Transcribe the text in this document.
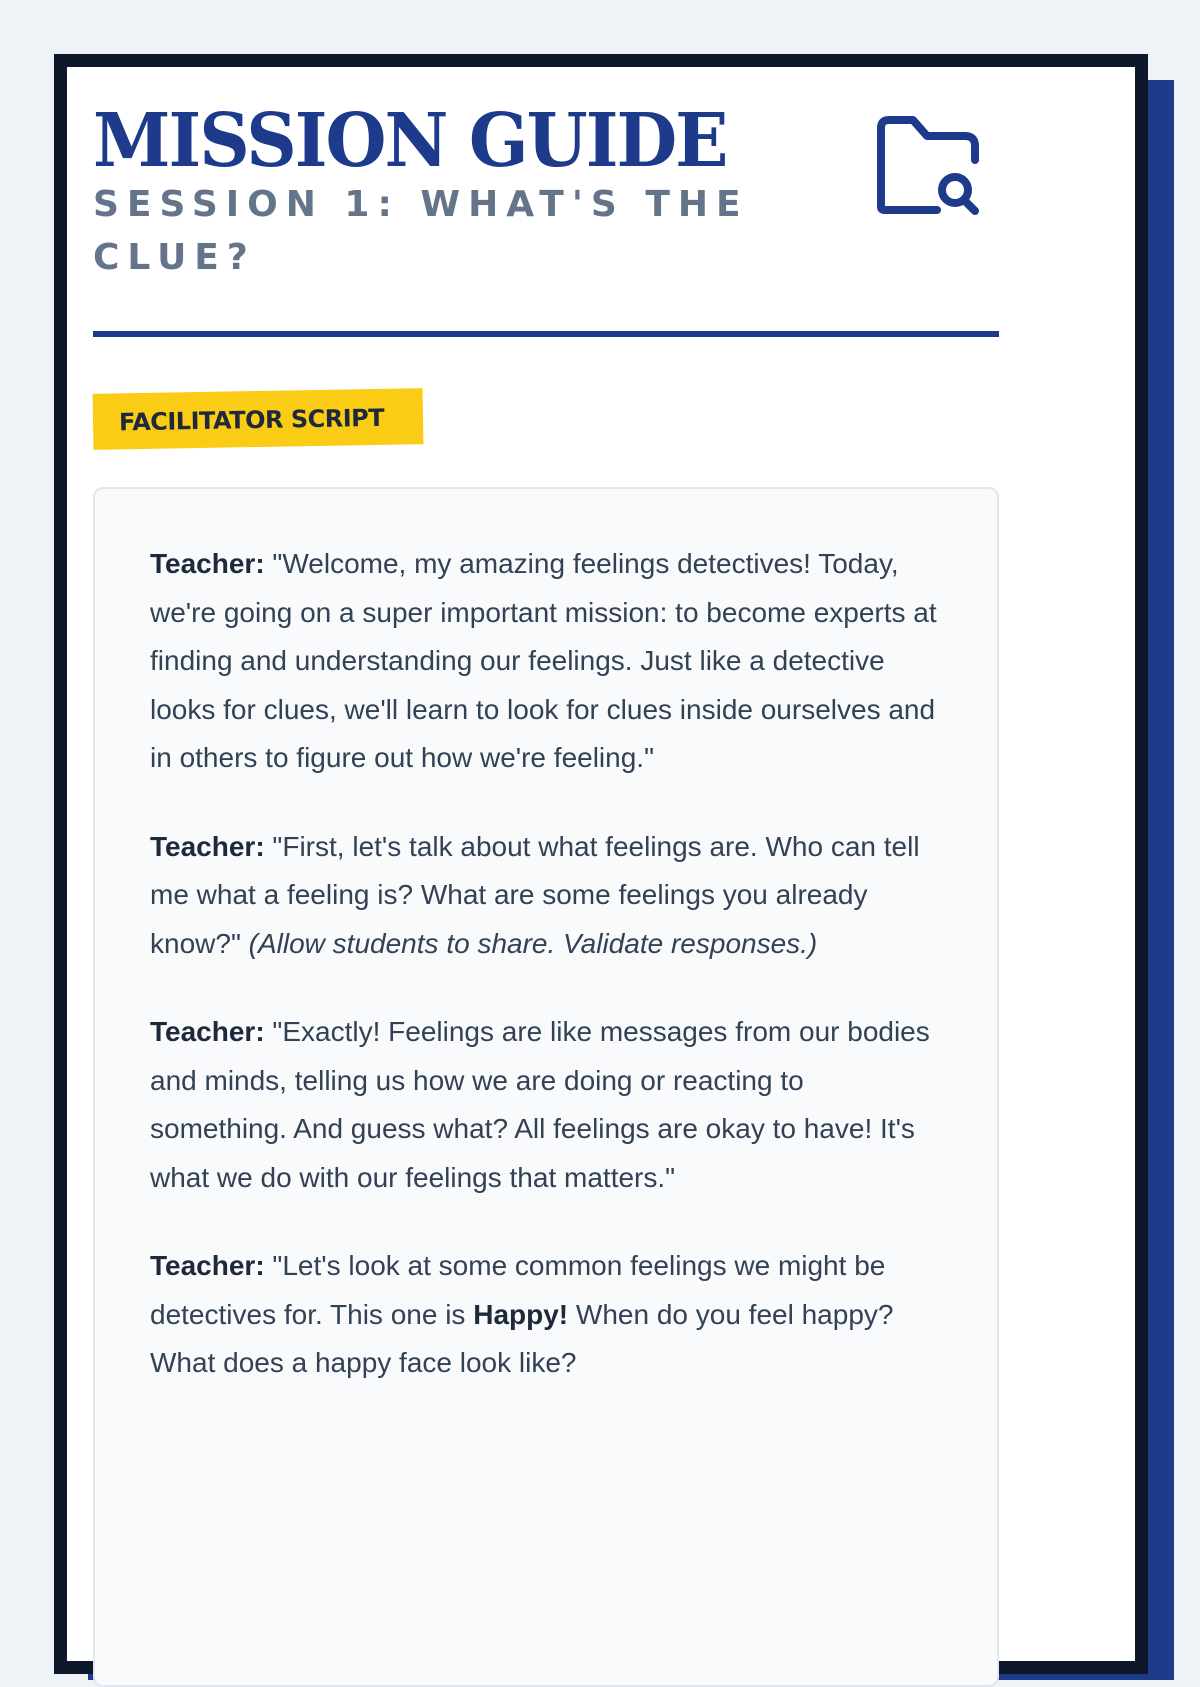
MISSION GUIDE
SESSION 1: WHAT'S THE CLUE?
FACILITATOR SCRIPT

Teacher: "Welcome, my amazing feelings detectives! Today, we're going on a super important mission: to become experts at finding and understanding our feelings. Just like a detective looks for clues, we'll learn to look for clues inside ourselves and in others to figure out how we're feeling."

Teacher: "First, let's talk about what feelings are. Who can tell me what a feeling is? What are some feelings you already know?" (Allow students to share. Validate responses.)

Teacher: "Exactly! Feelings are like messages from our bodies and minds, telling us how we are doing or reacting to something. And guess what? All feelings are okay to have! It's what we do with our feelings that matters."

Teacher: "Let's look at some common feelings we might be detectives for. This one is Happy! When do you feel happy? What does a happy face look like?
